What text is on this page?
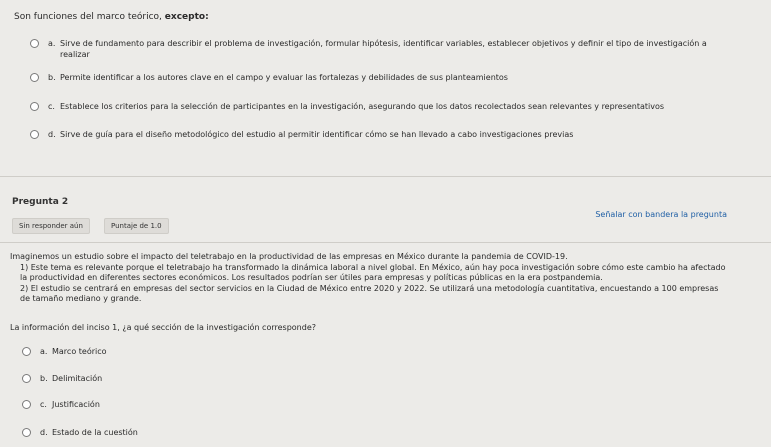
Son funciones del marco teórico, excepto:
a. Sirve de fundamento para describir el problema de investigación, formular hipótesis, identificar variables, establecer objetivos y definir el tipo de investigación a realizar
b. Permite identificar a los autores clave en el campo y evaluar las fortalezas y debilidades de sus planteamientos
c. Establece los criterios para la selección de participantes en la investigación, asegurando que los datos recolectados sean relevantes y representativos
d. Sirve de guía para el diseño metodológico del estudio al permitir identificar cómo se han llevado a cabo investigaciones previas
Pregunta 2
Sin responder aún	Puntaje de 1.0
Señalar con bandera la pregunta
Imaginemos un estudio sobre el impacto del teletrabajo en la productividad de las empresas en México durante la pandemia de COVID-19.
1) Este tema es relevante porque el teletrabajo ha transformado la dinámica laboral a nivel global. En México, aún hay poca investigación sobre cómo este cambio ha afectado la productividad en diferentes sectores económicos. Los resultados podrían ser útiles para empresas y políticas públicas en la era postpandemia.
2) El estudio se centrará en empresas del sector servicios en la Ciudad de México entre 2020 y 2022. Se utilizará una metodología cuantitativa, encuestando a 100 empresas de tamaño mediano y grande.
La información del inciso 1, ¿a qué sección de la investigación corresponde?
a. Marco teórico
b. Delimitación
c. Justificación
d. Estado de la cuestión
